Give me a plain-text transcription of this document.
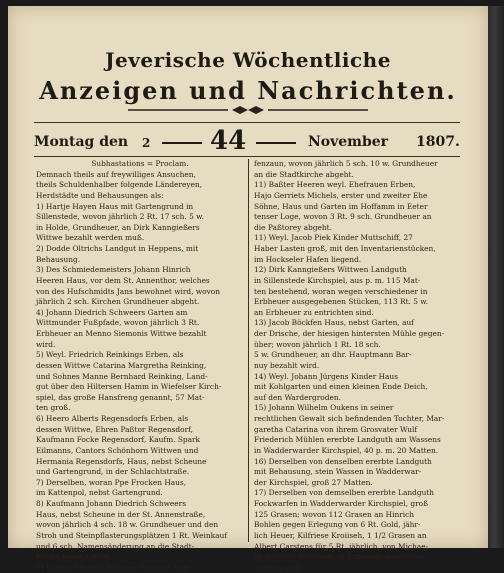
Jeverische Wöchentliche
Anzeigen und Nachrichten.
Montag den 2 44	November 1807.
Subhastations = Proclam.
Demnach theils auf freywilliges Ansuchen,
theils Schuldenhalber folgende Ländereyen,
Herdstädte und Behausungen als:
1) Hartje Hayen Haus mit Gartengrund in
Sillenstede, wovon jährlich 2 Rt. 17 sch. 5 w.
in Holde, Grundheuer, an Dirk Kanngießers
Wittwe bezahlt werden muß.
2) Dodde Oltrichs Landgut in Heppens, mit
Behausung.
3) Des Schmiedemeisters Johann Hinrich
Heeren Haus, vor dem St. Annenthor, welches
von des Hufschmidts Jans bewohnet wird, wovon
jährlich 2 sch. Kirchen Grundheuer abgeht.
4) Johann Diedrich Schweers Garten am
Wittmunder Fußpfade, wovon jährlich 3 Rt.
Erbheuer an Menno Siemonis Wittwe bezahlt
wird.
5) Weyl. Friedrich Reinkings Erben, als
dessen Wittwe Catarina Margretha Reinking,
und Sohnes Manne Bernhard Reinking, Land-
gut über den Hiltersen Hamm in Wiefelser Kirch-
spiel, das große Hansfreng genannt, 57 Mat-
ten groß.
6) Heero Alberts Regensdorfs Erben, als
dessen Wittwe, Ehren Paßtor Regensdorf,
Kaufmann Focke Regensdorf, Kaufm. Spark
Eilmanns, Cantors Schönhorn Wittwen und
Hermania Regensdorfs, Haus, nebst Scheune
und Gartengrund, in der Schlachtstraße.
7) Derselben, woran Ppe Frocken Haus,
im Kattenpol, nebst Gartengrund.
8) Kaufmann Johann Diedrich Schweers
Haus, nebst Scheune in der St. Annenstraße,
wovon jährlich 4 sch. 18 w. Grundheuer und den
Stroh und Steinpflasterungsplätzen 1 Rt. Weinkauf
und 6 sch. Namensänderung an die Stadt-
kirche bezahlt wird.
9) Lorenz Mickels Wittwen Haus im Hop-
fenzaun, wovon jährlich 5 sch. 10 w. Grundheuer
an die Stadtkirche abgeht.
11) Baßter Heeren weyl. Ehefrauen Erben,
Hajo Gerriets Michels, erster und zweiter Ehe
Söhne, Haus und Garten im Hoffamm in Eeter
tenser Loge, wovon 3 Rt. 9 sch. Grundheuer an
die Paßtorey abgeht.
11) Weyl. Jacob Piek Kinder Muttschiff, 27
Haber Lasten groß, mit den Inventarienstücken,
im Hockseler Hafen liegend.
12) Dirk Kanngießers Wittwen Landguth
in Sillenstede Kirchspiel, aus p. m. 115 Mat-
ten bestehend, woran wegen verschiedener in
Erbheuer ausgegebenen Stücken, 113 Rt. 5 w.
an Erbheuer zu entrichten sind.
13) Jacob Böckfen Haus, nebst Garten, auf
der Drische, der hiesigen hintersten Mühle gegen-
über; wovon jährlich 1 Rt. 18 sch.
5 w. Grundheuer, an dhr. Hauptmann Bar-
nuy bezahlt wird.
14) Weyl. Johann Jürgens Kinder Haus
mit Kohlgarten und einen kleinen Ende Deich,
auf den Wardergroden.
15) Johann Wilhelm Oukens in seiner
rechtlichen Gewalt sich befindenden Tochter, Mar-
garetha Catarina von ihrem Grosvater Wulf
Friederich Mühlen ererbte Landguth am Wassens
in Wadderwarder Kirchspiel, 40 p. m. 20 Matten.
16) Derselben von denselben ererbte Landguth
mit Behausung, stein Wassen in Wadderwar-
der Kirchspiel, groß 27 Matten.
17) Derselben von demselben ererbte Landguth
Fockwarfen in Wadderwarder Kirchspiel, groß
125 Grasen; wovon 112 Grasen an Hinrich
Bohlen gegen Erlegung von 6 Rt. Gold, jähr-
lich Heuer, Kilfriese Kroiiseh, 1 1/2 Grasen an
Albert Carstens für 5 Rt. jährlich, von Michae-
lis künftige Erbheuer, in Erbheuer ausgethan
worden sind.
